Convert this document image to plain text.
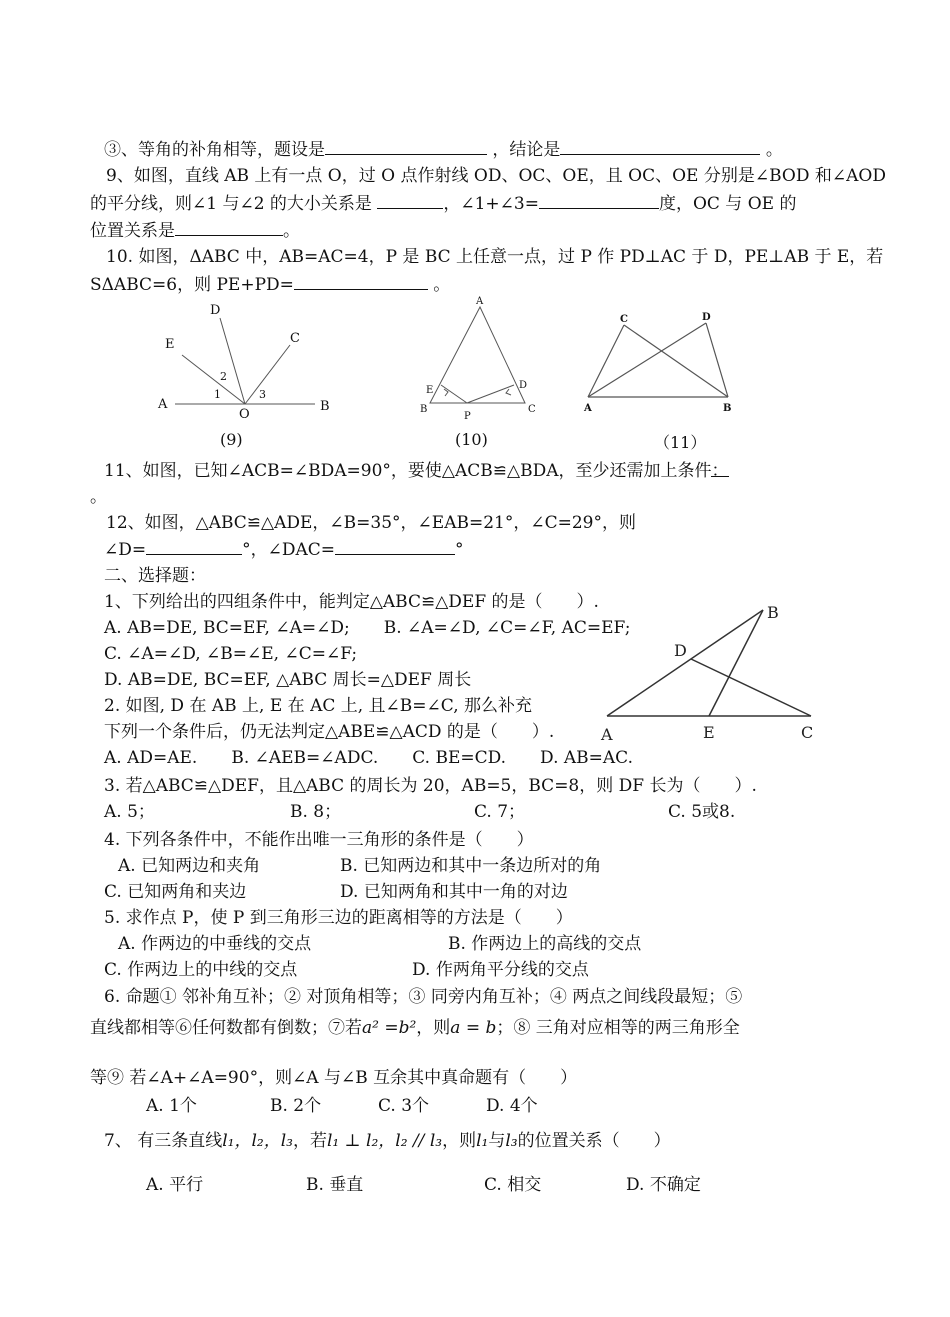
③、等角的补角相等，题设是	，结论是	。
9、如图，直线 AB 上有一点 O，过 O 点作射线 OD、OC、OE，且 OC、OE 分别是∠BOD 和∠AOD
的平分线，则∠1 与∠2 的大小关系是	，∠1+∠3=	度，OC 与 OE 的
位置关系是	。
10. 如图，ΔABC 中，AB=AC=4，P 是 BC 上任意一点，过 P 作 PD⊥AC 于 D，PE⊥AB 于 E，若
SΔABC=6，则 PE+PD=	。
A	B
O
C
D
E
1
2
3
(9)
A
B	C
D
E
P
(10)
A	B
C	D
（11）
11、如图，已知∠ACB=∠BDA=90°，要使△ACB≌△BDA，至少还需加上条件：
。
12、如图，△ABC≌△ADE，∠B=35°，∠EAB=21°，∠C=29°，则
∠D=	°，∠DAC=	°
二、选择题：
1、下列给出的四组条件中，能判定△ABC≌△DEF 的是（　　）.
A. AB=DE, BC=EF, ∠A=∠D;　　B. ∠A=∠D, ∠C=∠F, AC=EF;
C. ∠A=∠D, ∠B=∠E, ∠C=∠F;
D. AB=DE, BC=EF, △ABC 周长=△DEF 周长
2. 如图, D 在 AB 上, E 在 AC 上, 且∠B=∠C, 那么补充
下列一个条件后，仍无法判定△ABE≌△ACD 的是（　　）.
A. AD=AE.　　B. ∠AEB=∠ADC.　　C. BE=CD.　　D. AB=AC.
A
B
C
D
E
3. 若△ABC≌△DEF，且△ABC 的周长为 20，AB=5，BC=8，则 DF 长为（　　）.
A. 5；	B. 8；	C. 7；	C. 5或8.
4. 下列各条件中，不能作出唯一三角形的条件是（　　）
A. 已知两边和夹角	B. 已知两边和其中一条边所对的角
C. 已知两角和夹边	D. 已知两角和其中一角的对边
5. 求作点 P，使 P 到三角形三边的距离相等的方法是（　　）
A. 作两边的中垂线的交点	B. 作两边上的高线的交点
C. 作两边上的中线的交点	D. 作两角平分线的交点
6. 命题① 邻补角互补；② 对顶角相等；③ 同旁内角互补；④ 两点之间线段最短；⑤
直线都相等⑥任何数都有倒数；⑦若a² =b²，则a = b；⑧ 三角对应相等的两三角形全
等⑨ 若∠A+∠A=90°，则∠A 与∠B 互余其中真命题有（　　）
A. 1个	B. 2个	C. 3个	D. 4个
7、 有三条直线l₁，l₂，l₃，若l₁ ⊥ l₂，l₂ // l₃，则l₁与l₃的位置关系（　　）
A. 平行	B. 垂直	C. 相交	D. 不确定
